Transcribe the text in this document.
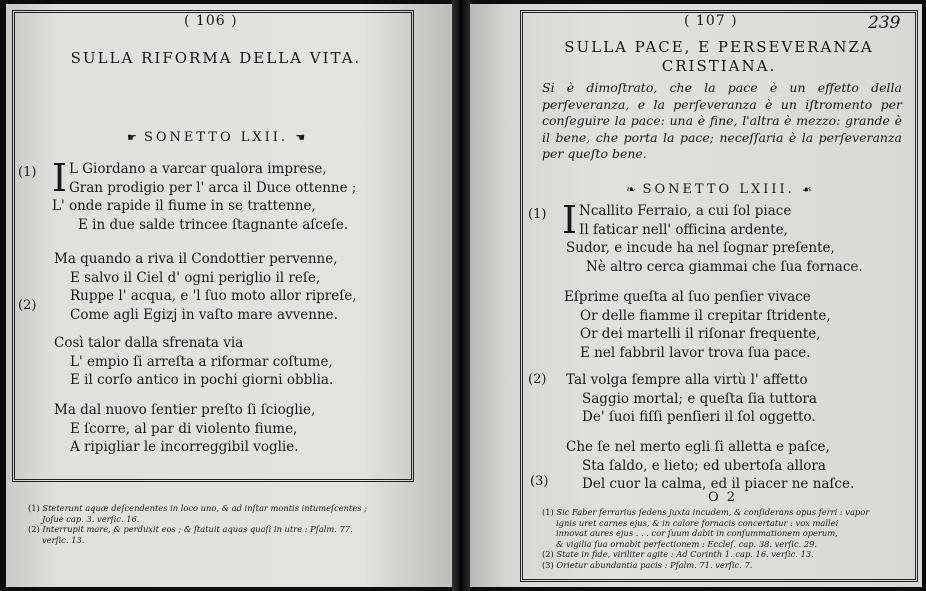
( 106 )
SULLA RIFORMA DELLA VITA.
☛ SONETTO LXII. ☚
(1)
(2)
I L Giordano a varcar qualora imprese,
Gran prodigio per l' arca il Duce ottenne ;
L' onde rapide il fiume in se trattenne,
E in due salde trincee ſtagnante aſceſe.
Ma quando a riva il Condottier pervenne,
E salvo il Ciel d' ogni periglio il reſe,
Ruppe l' acqua, e 'l ſuo moto allor ripreſe,
Come agli Egizj in vaſto mare avvenne.
Così talor dalla sfrenata via
L' empio ſi arreſta a riformar coſtume,
E il corſo antico in pochi giorni obblia.
Ma dal nuovo ſentier preſto ſi ſcioglie,
E ſcorre, al par di violento fiume,
A ripigliar le incorreggibil voglie.
(1) Steterunt aquæ deſcendentes in loco uno, & ad inſtar montis intumeſcentes ;
Joſue cap. 3. verſic. 16.
(2) Interrupit mare, & perduxit eos ; & ſtatuit aquas quaſi in utre : Pſalm. 77.
verſic. 13.
( 107 )	239
SULLA PACE, E PERSEVERANZA
CRISTIANA.
Si è dimoſtrato, che la pace è un effetto della perſeveranza, e la perſeveranza è un iſtromento per conſeguire la pace: una è fine, l'altra è mezzo: grande è il bene, che porta la pace; neceſſaria è la perſeveranza per queſto bene.
❧ SONETTO LXIII. ☙
(1)
(2)
(3)
I Ncallito Ferraio, a cui ſol piace
Il faticar nell' officina ardente,
Sudor, e incude ha nel ſognar preſente,
Nè altro cerca giammai che ſua fornace.
Eſprime queſta al ſuo penſier vivace
Or delle fiamme il crepitar ſtridente,
Or dei martelli il riſonar frequente,
E nel fabbril lavor trova ſua pace.
Tal volga ſempre alla virtù l' affetto
Saggio mortal; e queſta ſia tuttora
De' ſuoi fiſſi penſieri il ſol oggetto.
Che ſe nel merto egli ſi alletta e paſce,
Sta ſaldo, e lieto; ed ubertoſa allora
Del cuor la calma, ed il piacer ne naſce.
O 2
(1) Sic Faber ferrarius ſedens juxta incudem, & conſiderans opus ferri : vapor
ignis uret carnes ejus, & in calore fornacis concertatur : vox mallei
innovat aures ejus . . . cor ſuum dabit in conſummationem operum,
& vigilia ſua ornabit perfectionem : Eccleſ. cap. 38. verſic. 29.
(2) State in fide, viriliter agite : Ad Corinth 1. cap. 16. verſic. 13.
(3) Orietur abundantia pacis : Pſalm. 71. verſic. 7.
